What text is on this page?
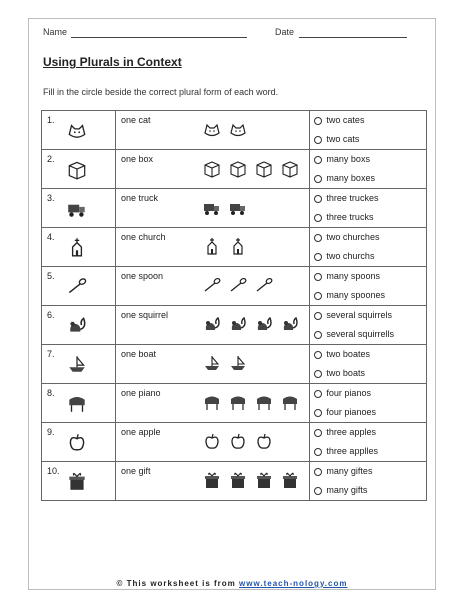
Name	Date
Using Plurals in Context
Fill in the circle beside the correct plural form of each word.
1.	one cat	two cates
two cats

2.	one box	many boxs
many boxes

3.	one truck	three truckes
three trucks

4.	one church	two churches
two churchs

5.	one spoon	many spoons
many spoones

6.	one squirrel	several squirrels
several squirrells

7.	one boat	two boates
two boats

8.	one piano	four pianos
four pianoes

9.	one apple	three apples
three applles

10.	one gift	many giftes
many gifts
© This worksheet is from www.teach-nology.com
